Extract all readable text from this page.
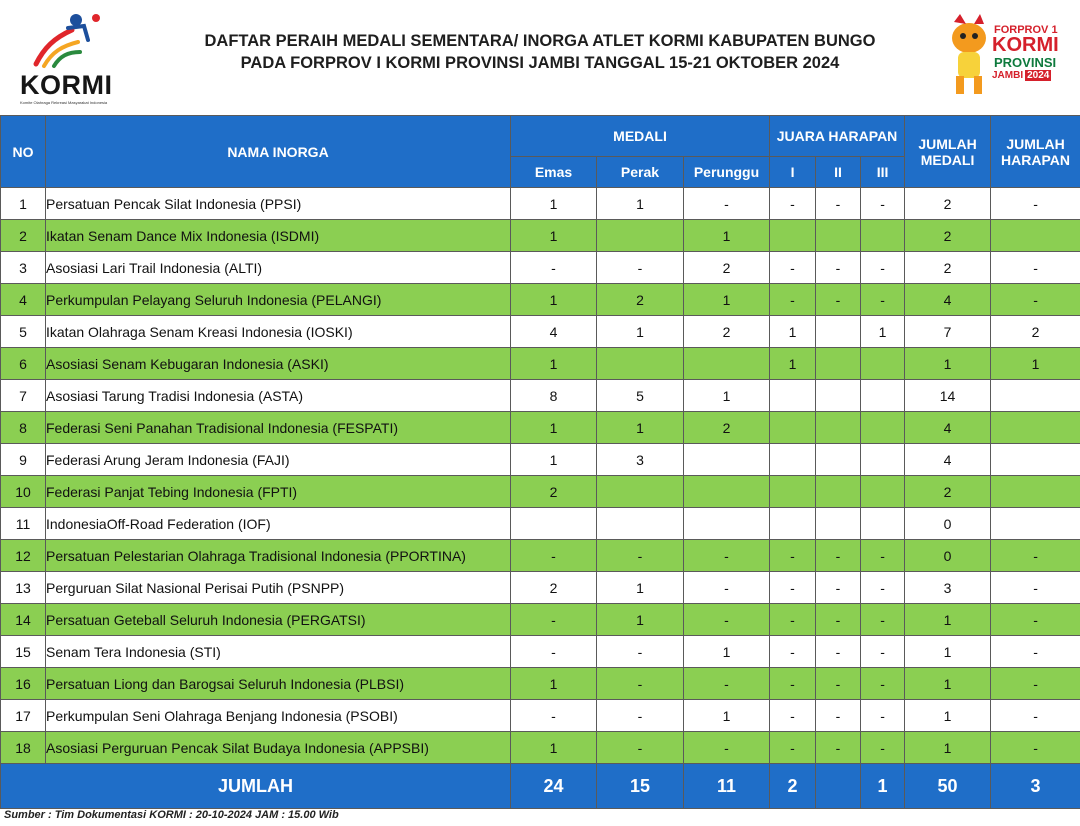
KORMI
Komite Olahraga Rekreasi Masyarakat Indonesia
DAFTAR PERAIH MEDALI SEMENTARA/ INORGA ATLET KORMI KABUPATEN BUNGO
PADA FORPROV I KORMI PROVINSI JAMBI TANGGAL 15-21 OKTOBER 2024
FORPROV 1
KORMI
PROVINSI
JAMBI 2024
NO	NAMA INORGA	MEDALI			JUARA HARAPAN			JUMLAH MEDALI	JUMLAH HARAPAN
		Emas	Perak	Perunggu	I	II	III		
1	Persatuan Pencak Silat Indonesia (PPSI)	1	1	-	-	-	-	2	-
2	Ikatan Senam Dance Mix Indonesia (ISDMI)	1		1				2	
3	Asosiasi Lari Trail Indonesia (ALTI)	-	-	2	-	-	-	2	-
4	Perkumpulan Pelayang Seluruh Indonesia (PELANGI)	1	2	1	-	-	-	4	-
5	Ikatan Olahraga Senam Kreasi Indonesia (IOSKI)	4	1	2	1		1	7	2
6	Asosiasi Senam Kebugaran Indonesia (ASKI)	1			1			1	1
7	Asosiasi Tarung Tradisi Indonesia (ASTA)	8	5	1				14	
8	Federasi Seni Panahan Tradisional Indonesia (FESPATI)	1	1	2				4	
9	Federasi Arung Jeram Indonesia (FAJI)	1	3					4	
10	Federasi Panjat Tebing Indonesia (FPTI)	2						2	
11	IndonesiaOff-Road Federation (IOF)							0	
12	Persatuan Pelestarian Olahraga Tradisional Indonesia (PPORTINA)	-	-	-	-	-	-	0	-
13	Perguruan Silat Nasional Perisai Putih (PSNPP)	2	1	-	-	-	-	3	-
14	Persatuan Geteball Seluruh Indonesia (PERGATSI)	-	1	-	-	-	-	1	-
15	Senam Tera Indonesia (STI)	-	-	1	-	-	-	1	-
16	Persatuan Liong dan Barogsai Seluruh Indonesia (PLBSI)	1	-	-	-	-	-	1	-
17	Perkumpulan Seni Olahraga Benjang Indonesia (PSOBI)	-	-	1	-	-	-	1	-
18	Asosiasi Perguruan Pencak Silat Budaya Indonesia (APPSBI)	1	-	-	-	-	-	1	-
JUMLAH		24	15	11	2		1	50	3
Sumber : Tim Dokumentasi KORMI : 20-10-2024 JAM : 15.00 Wib
